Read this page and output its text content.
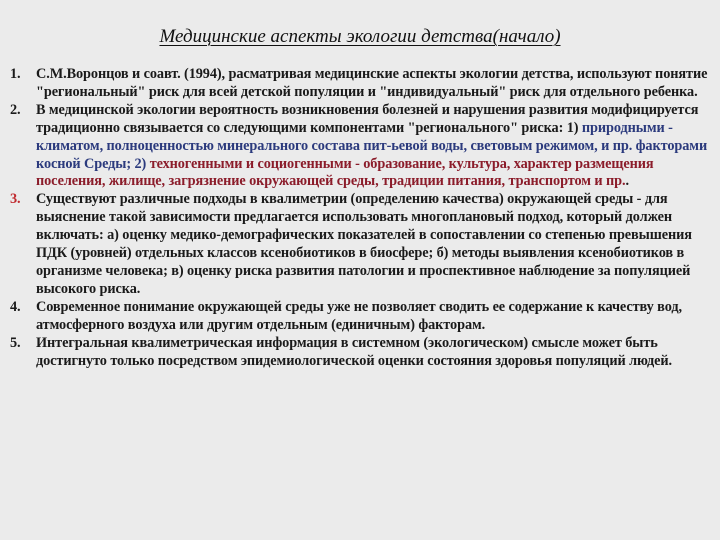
Медицинские аспекты экологии детства(начало)
1. С.М.Воронцов и соавт. (1994), расматривая медицинские аспекты экологии детства, используют понятие "региональный" риск для всей детской популяции и "индивидуальный" риск для отдельного ребенка.
2. В медицинской экологии вероятность возникновения болезней и нарушения развития модифицируется традиционно связывается со следующими компонентами "регионального" риска: 1) природными - климатом, полноценностью минерального состава пит-ьевой воды, световым режимом, и пр. факторами косной Среды; 2) техногенными и социогенными - образование, культура, характер размещения поселения, жилище, загрязнение окружающей среды, традиции питания, транспортом и пр..
3. Существуют различные подходы в квалиметрии (определению качества) окружающей среды - для выяснение такой зависимости предлагается использовать многоплановый подход, который должен включать: а) оценку медико-демографических показателей в сопоставлении со степенью превышения ПДК (уровней) отдельных классов ксенобиотиков в биосфере; б) методы выявления ксенобиотиков в организме человека; в) оценку риска развития патологии и проспективное наблюдение за популяцией высокого риска.
4. Современное понимание окружающей среды уже не позволяет сводить ее содержание к качеству вод, атмосферного воздуха или другим отдельным (единичным) факторам.
5. Интегральная квалиметрическая информация в системном (экологическом) смысле может быть достигнуто только посредством эпидемиологической оценки состояния здоровья популяций людей.
